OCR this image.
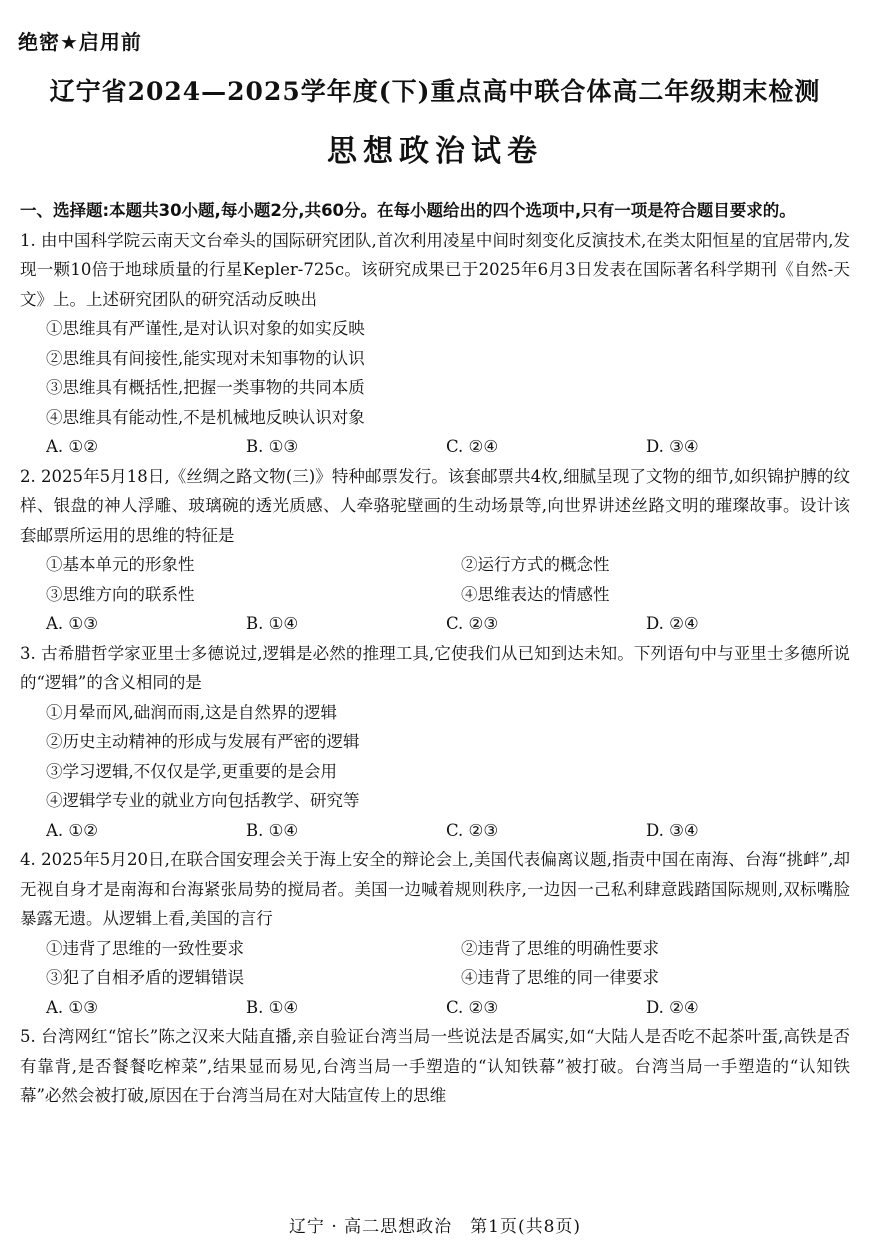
绝密★启用前
辽宁省2024—2025学年度(下)重点高中联合体高二年级期末检测
思想政治试卷
一、选择题:本题共30小题,每小题2分,共60分。在每小题给出的四个选项中,只有一项是符合题目要求的。
1. 由中国科学院云南天文台牵头的国际研究团队,首次利用凌星中间时刻变化反演技术,在类太阳恒星的宜居带内,发现一颗10倍于地球质量的行星Kepler-725c。该研究成果已于2025年6月3日发表在国际著名科学期刊《自然-天文》上。上述研究团队的研究活动反映出
①思维具有严谨性,是对认识对象的如实反映
②思维具有间接性,能实现对未知事物的认识
③思维具有概括性,把握一类事物的共同本质
④思维具有能动性,不是机械地反映认识对象
A. ①②	B. ①③	C. ②④	D. ③④
2. 2025年5月18日,《丝绸之路文物(三)》特种邮票发行。该套邮票共4枚,细腻呈现了文物的细节,如织锦护膊的纹样、银盘的神人浮雕、玻璃碗的透光质感、人牵骆驼壁画的生动场景等,向世界讲述丝路文明的璀璨故事。设计该套邮票所运用的思维的特征是
①基本单元的形象性	②运行方式的概念性
③思维方向的联系性	④思维表达的情感性
A. ①③	B. ①④	C. ②③	D. ②④
3. 古希腊哲学家亚里士多德说过,逻辑是必然的推理工具,它使我们从已知到达未知。下列语句中与亚里士多德所说的“逻辑”的含义相同的是
①月晕而风,础润而雨,这是自然界的逻辑
②历史主动精神的形成与发展有严密的逻辑
③学习逻辑,不仅仅是学,更重要的是会用
④逻辑学专业的就业方向包括教学、研究等
A. ①②	B. ①④	C. ②③	D. ③④
4. 2025年5月20日,在联合国安理会关于海上安全的辩论会上,美国代表偏离议题,指责中国在南海、台海“挑衅”,却无视自身才是南海和台海紧张局势的搅局者。美国一边喊着规则秩序,一边因一己私利肆意践踏国际规则,双标嘴脸暴露无遗。从逻辑上看,美国的言行
①违背了思维的一致性要求	②违背了思维的明确性要求
③犯了自相矛盾的逻辑错误	④违背了思维的同一律要求
A. ①③	B. ①④	C. ②③	D. ②④
5. 台湾网红“馆长”陈之汉来大陆直播,亲自验证台湾当局一些说法是否属实,如“大陆人是否吃不起茶叶蛋,高铁是否有靠背,是否餐餐吃榨菜”,结果显而易见,台湾当局一手塑造的“认知铁幕”被打破。台湾当局一手塑造的“认知铁幕”必然会被打破,原因在于台湾当局在对大陆宣传上的思维
辽宁 · 高二思想政治　第1页(共8页)
